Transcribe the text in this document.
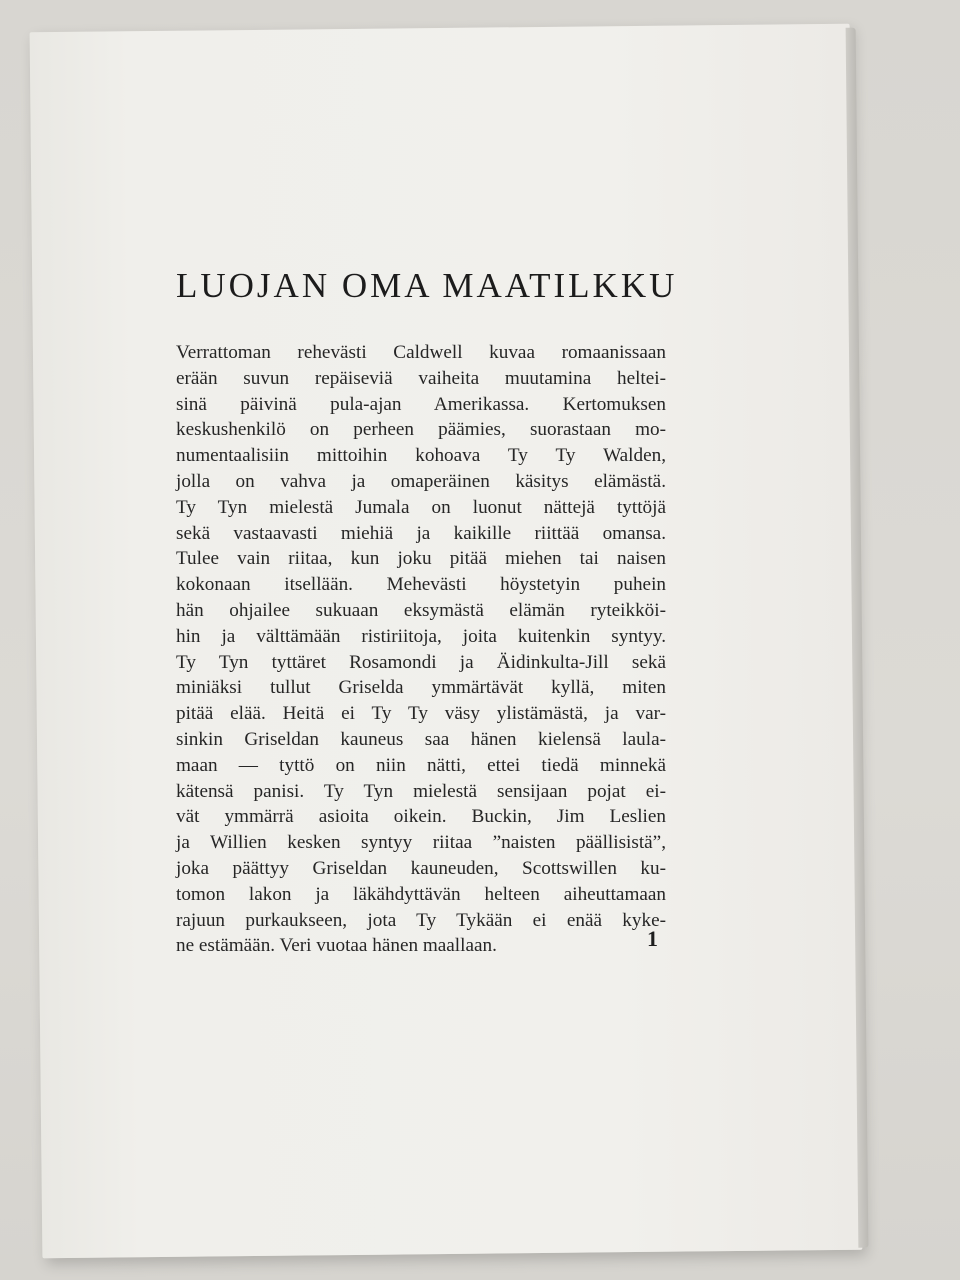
LUOJAN OMA MAATILKKU
Verrattoman rehevästi Caldwell kuvaa romaanissaan
erään suvun repäiseviä vaiheita muutamina heltei-
sinä päivinä pula-ajan Amerikassa. Kertomuksen
keskushenkilö on perheen päämies, suorastaan mo-
numentaalisiin mittoihin kohoava Ty Ty Walden,
jolla on vahva ja omaperäinen käsitys elämästä.
Ty Tyn mielestä Jumala on luonut nättejä tyttöjä
sekä vastaavasti miehiä ja kaikille riittää omansa.
Tulee vain riitaa, kun joku pitää miehen tai naisen
kokonaan itsellään. Mehevästi höystetyin puhein
hän ohjailee sukuaan eksymästä elämän ryteikköi-
hin ja välttämään ristiriitoja, joita kuitenkin syntyy.
Ty Tyn tyttäret Rosamondi ja Äidinkulta-Jill sekä
miniäksi tullut Griselda ymmärtävät kyllä, miten
pitää elää. Heitä ei Ty Ty väsy ylistämästä, ja var-
sinkin Griseldan kauneus saa hänen kielensä laula-
maan — tyttö on niin nätti, ettei tiedä minnekä
kätensä panisi. Ty Tyn mielestä sensijaan pojat ei-
vät ymmärrä asioita oikein. Buckin, Jim Leslien
ja Willien kesken syntyy riitaa ”naisten päällisistä”,
joka päättyy Griseldan kauneuden, Scottswillen ku-
tomon lakon ja läkähdyttävän helteen aiheuttamaan
rajuun purkaukseen, jota Ty Tykään ei enää kyke-
ne estämään. Veri vuotaa hänen maallaan.	1
